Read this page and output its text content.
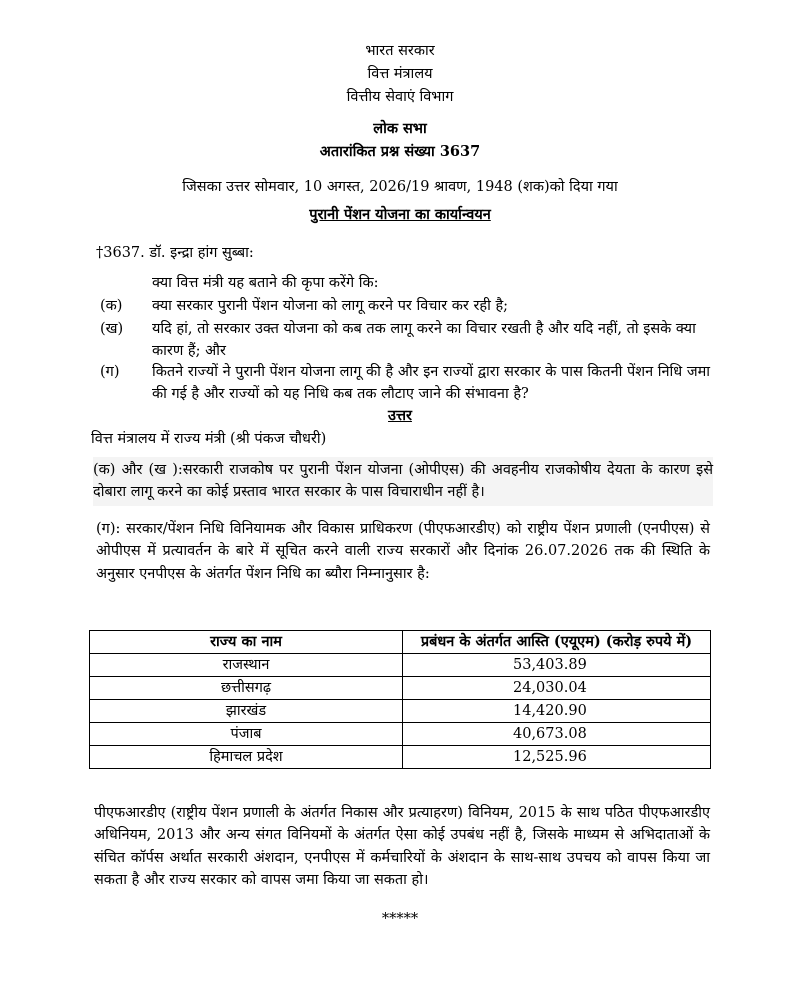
भारत सरकार
वित्त मंत्रालय
वित्तीय सेवाएं विभाग
लोक सभा
अतारांकित प्रश्न संख्या 3637
जिसका उत्तर सोमवार, 10 अगस्त, 2026/19 श्रावण, 1948 (शक)को दिया गया
पुरानी पेंशन योजना का कार्यान्वयन
†3637. डॉ. इन्द्रा हांग सुब्बा:
क्या वित्त मंत्री यह बताने की कृपा करेंगे कि:
(क)	क्या सरकार पुरानी पेंशन योजना को लागू करने पर विचार कर रही है;
(ख)	यदि हां, तो सरकार उक्त योजना को कब तक लागू करने का विचार रखती है और यदि नहीं, तो इसके क्या कारण हैं; और
(ग)	कितने राज्यों ने पुरानी पेंशन योजना लागू की है और इन राज्यों द्वारा सरकार के पास कितनी पेंशन निधि जमा की गई है और राज्यों को यह निधि कब तक लौटाए जाने की संभावना है?
उत्तर
वित्त मंत्रालय में राज्य मंत्री (श्री पंकज चौधरी)
(क) और (ख ):सरकारी राजकोष पर पुरानी पेंशन योजना (ओपीएस) की अवहनीय राजकोषीय देयता के कारण इसे दोबारा लागू करने का कोई प्रस्ताव भारत सरकार के पास विचाराधीन नहीं है।
(ग): सरकार/पेंशन निधि विनियामक और विकास प्राधिकरण (पीएफआरडीए) को राष्ट्रीय पेंशन प्रणाली (एनपीएस) से ओपीएस में प्रत्यावर्तन के बारे में सूचित करने वाली राज्य सरकारों और दिनांक 26.07.2026 तक की स्थिति के अनुसार एनपीएस के अंतर्गत पेंशन निधि का ब्यौरा निम्नानुसार है:
राज्य का नाम	प्रबंधन के अंतर्गत आस्ति (एयूएम) (करोड़ रुपये में)
राजस्थान	53,403.89
छत्तीसगढ़	24,030.04
झारखंड	14,420.90
पंजाब	40,673.08
हिमाचल प्रदेश	12,525.96
पीएफआरडीए (राष्ट्रीय पेंशन प्रणाली के अंतर्गत निकास और प्रत्याहरण) विनियम, 2015 के साथ पठित पीएफआरडीए अधिनियम, 2013 और अन्य संगत विनियमों के अंतर्गत ऐसा कोई उपबंध नहीं है, जिसके माध्यम से अभिदाताओं के संचित कॉर्पस अर्थात सरकारी अंशदान, एनपीएस में कर्मचारियों के अंशदान के साथ-साथ उपचय को वापस किया जा सकता है और राज्य सरकार को वापस जमा किया जा सकता हो।
*****
